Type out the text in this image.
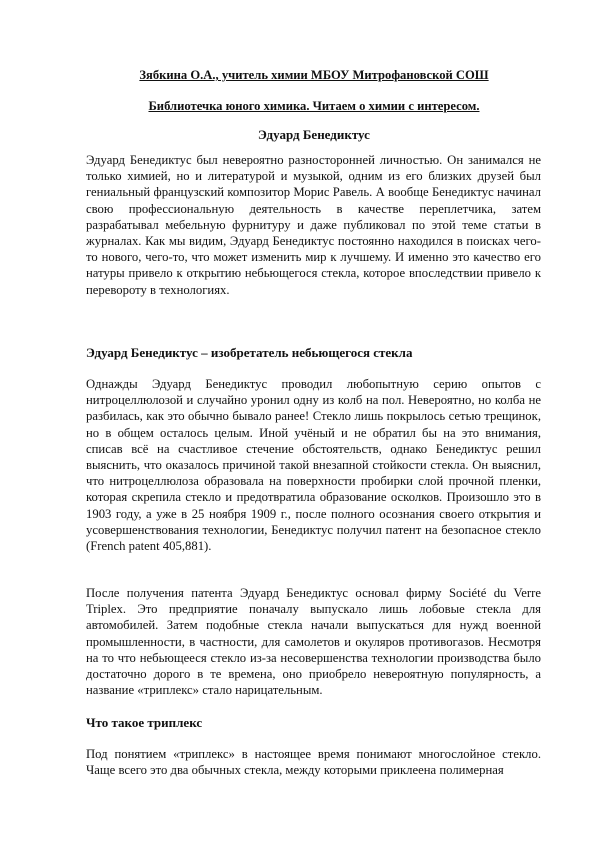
Зябкина О.А., учитель химии МБОУ Митрофановской СОШ
Библиотечка юного химика. Читаем о химии с интересом.
Эдуард Бенедиктус

Эдуард Бенедиктус был невероятно разносторонней личностью. Он занимался не только химией, но и литературой и музыкой, одним из его близких друзей был гениальный французский композитор Морис Равель. А вообще Бенедиктус начинал свою профессиональную деятельность в качестве переплетчика, затем разрабатывал мебельную фурнитуру и даже публиковал по этой теме статьи в журналах. Как мы видим, Эдуард Бенедиктус постоянно находился в поисках чего-то нового, чего-то, что может изменить мир к лучшему. И именно это качество его натуры привело к открытию небьющегося стекла, которое впоследствии привело к перевороту в технологиях.

Эдуард Бенедиктус – изобретатель небьющегося стекла

Однажды Эдуард Бенедиктус проводил любопытную серию опытов с нитроцеллюлозой и случайно уронил одну из колб на пол. Невероятно, но колба не разбилась, как это обычно бывало ранее! Стекло лишь покрылось сетью трещинок, но в общем осталось целым. Иной учёный и не обратил бы на это внимания, списав всё на счастливое стечение обстоятельств, однако Бенедиктус решил выяснить, что оказалось причиной такой внезапной стойкости стекла. Он выяснил, что нитроцеллюлоза образовала на поверхности пробирки слой прочной пленки, которая скрепила стекло и предотвратила образование осколков. Произошло это в 1903 году, а уже в 25 ноября 1909 г., после полного осознания своего открытия и усовершенствования технологии, Бенедиктус получил патент на безопасное стекло (French patent 405,881).

После получения патента Эдуард Бенедиктус основал фирму Société du Verre Triplex. Это предприятие поначалу выпускало лишь лобовые стекла для автомобилей. Затем подобные стекла начали выпускаться для нужд военной промышленности, в частности, для самолетов и окуляров противогазов. Несмотря на то что небьющееся стекло из-за несовершенства технологии производства было достаточно дорого в те времена, оно приобрело невероятную популярность, а название «триплекс» стало нарицательным.

Что такое триплекс

Под понятием «триплекс» в настоящее время понимают многослойное стекло. Чаще всего это два обычных стекла, между которыми приклеена полимерная
